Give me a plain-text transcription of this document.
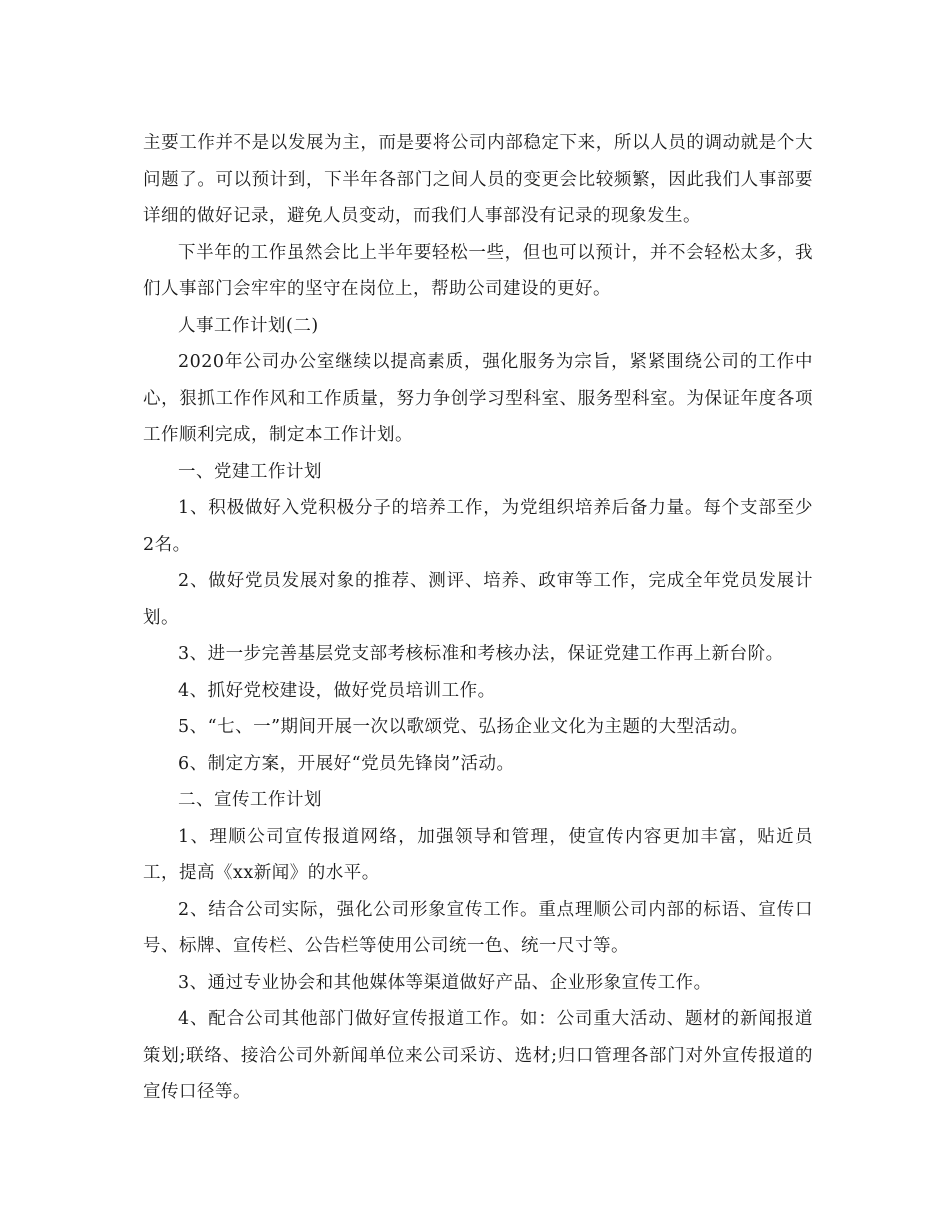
主要工作并不是以发展为主，而是要将公司内部稳定下来，所以人员的调动就是个大问题了。可以预计到，下半年各部门之间人员的变更会比较频繁，因此我们人事部要详细的做好记录，避免人员变动，而我们人事部没有记录的现象发生。

下半年的工作虽然会比上半年要轻松一些，但也可以预计，并不会轻松太多，我们人事部门会牢牢的坚守在岗位上，帮助公司建设的更好。

人事工作计划(二)

2020年公司办公室继续以提高素质，强化服务为宗旨，紧紧围绕公司的工作中心，狠抓工作作风和工作质量，努力争创学习型科室、服务型科室。为保证年度各项工作顺利完成，制定本工作计划。

一、党建工作计划

1、积极做好入党积极分子的培养工作，为党组织培养后备力量。每个支部至少2名。

2、做好党员发展对象的推荐、测评、培养、政审等工作，完成全年党员发展计划。

3、进一步完善基层党支部考核标准和考核办法，保证党建工作再上新台阶。

4、抓好党校建设，做好党员培训工作。

5、“七、一”期间开展一次以歌颂党、弘扬企业文化为主题的大型活动。

6、制定方案，开展好“党员先锋岗”活动。

二、宣传工作计划

1、理顺公司宣传报道网络，加强领导和管理，使宣传内容更加丰富，贴近员工，提高《xx新闻》的水平。

2、结合公司实际，强化公司形象宣传工作。重点理顺公司内部的标语、宣传口号、标牌、宣传栏、公告栏等使用公司统一色、统一尺寸等。

3、通过专业协会和其他媒体等渠道做好产品、企业形象宣传工作。

4、配合公司其他部门做好宣传报道工作。如：公司重大活动、题材的新闻报道策划;联络、接洽公司外新闻单位来公司采访、选材;归口管理各部门对外宣传报道的宣传口径等。
